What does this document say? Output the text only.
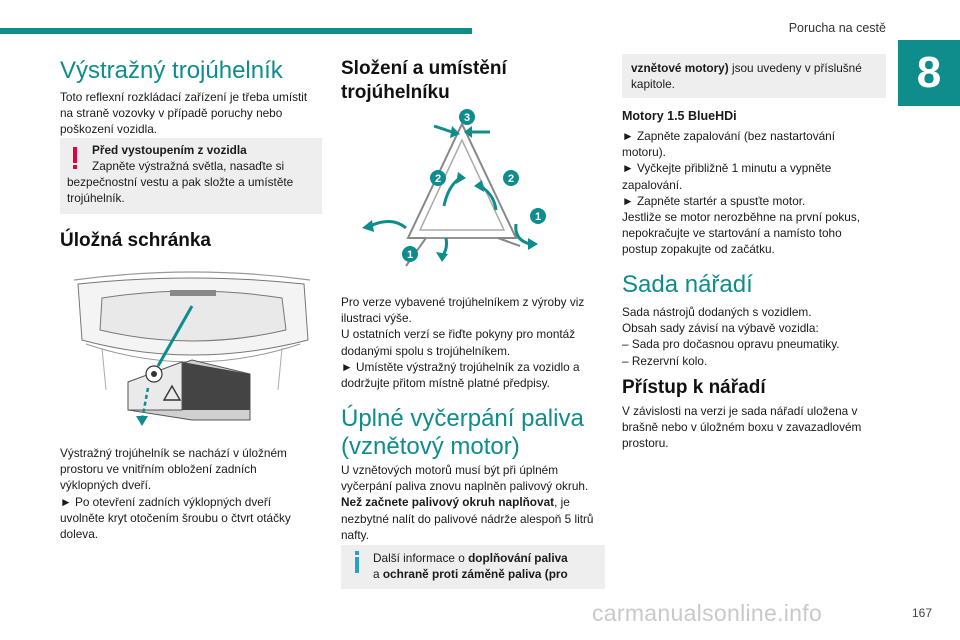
Porucha na cestě
8
Výstražný trojúhelník
Toto reflexní rozkládací zařízení je třeba umístit
na straně vozovky v případě poruchy nebo
poškození vozidla.
Před vystoupením z vozidla
Zapněte výstražná světla, nasaďte si
bezpečnostní vestu a pak složte a umístěte
trojúhelník.
Úložná schránka
Výstražný trojúhelník se nachází v úložném
prostoru ve vnitřním obložení zadních
výklopných dveří.
► Po otevření zadních výklopných dveří
uvolněte kryt otočením šroubu o čtvrt otáčky
doleva.
Složení a umístění
trojúhelníku
3
2	2
1
1
Pro verze vybavené trojúhelníkem z výroby viz
ilustraci výše.
U ostatních verzí se řiďte pokyny pro montáž
dodanými spolu s trojúhelníkem.
► Umístěte výstražný trojúhelník za vozidlo a
dodržujte přitom místně platné předpisy.
Úplné vyčerpání paliva
(vznětový motor)
U vznětových motorů musí být při úplném
vyčerpání paliva znovu naplněn palivový okruh.
Než začnete palivový okruh naplňovat, je
nezbytné nalít do palivové nádrže alespoň 5 litrů
nafty.
Další informace o doplňování paliva
a ochraně proti záměně paliva (pro
vznětové motory) jsou uvedeny v příslušné
kapitole.
Motory 1.5 BlueHDi
► Zapněte zapalování (bez nastartování
motoru).
► Vyčkejte přibližně 1 minutu a vypněte
zapalování.
► Zapněte startér a spusťte motor.
Jestliže se motor nerozběhne na první pokus,
nepokračujte ve startování a namísto toho
postup zopakujte od začátku.
Sada nářadí
Sada nástrojů dodaných s vozidlem.
Obsah sady závisí na výbavě vozidla:
– Sada pro dočasnou opravu pneumatiky.
– Rezervní kolo.
Přístup k nářadí
V závislosti na verzi je sada nářadí uložena v
brašně nebo v úložném boxu v zavazadlovém
prostoru.
carmanualsonline.info	167
